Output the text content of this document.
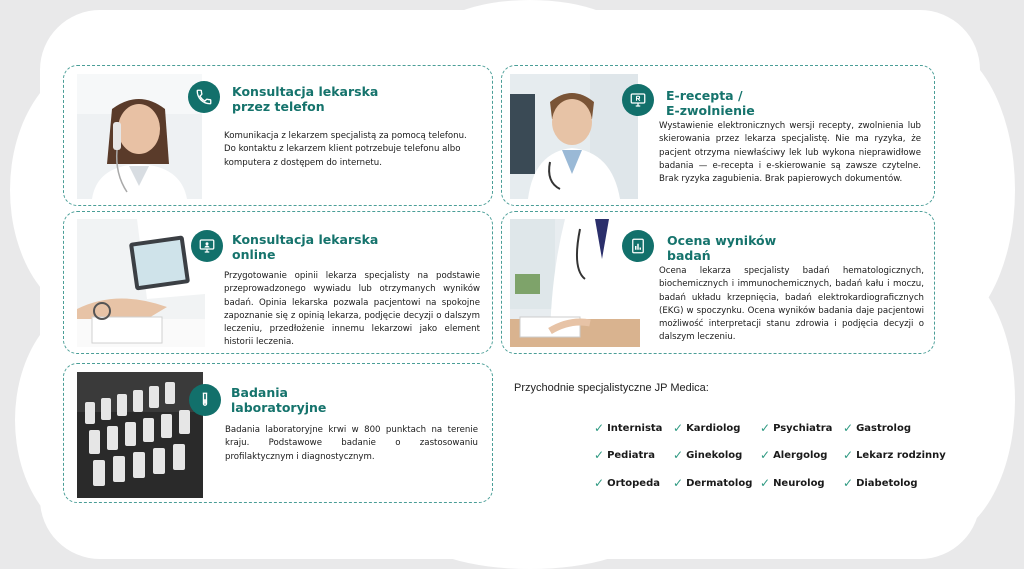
Konsultacja lekarska
przez telefon

Komunikacja z lekarzem specjalistą za pomocą telefonu. Do kontaktu z lekarzem klient potrzebuje telefonu albo komputera z dostępem do internetu.

E-recepta /
E-zwolnienie

Wystawienie elektronicznych wersji recepty, zwolnienia lub skierowania przez lekarza specjalistę. Nie ma ryzyka, że pacjent otrzyma niewłaściwy lek lub wykona nieprawidłowe badania — e-recepta i e-skierowanie są zawsze czytelne. Brak ryzyka zagubienia. Brak papierowych dokumentów.

Konsultacja lekarska
online

Przygotowanie opinii lekarza specjalisty na podstawie przeprowadzonego wywiadu lub otrzymanych wyników badań. Opinia lekarska pozwala pacjentowi na spokojne zapoznanie się z opinią lekarza, podjęcie decyzji o dalszym leczeniu, przedłożenie innemu lekarzowi jako element historii leczenia.

Ocena wyników
badań

Ocena lekarza specjalisty badań hematologicznych, biochemicznych i immunochemicznych, badań kału i moczu, badań układu krzepnięcia, badań elektrokardiograficznych (EKG) w spoczynku. Ocena wyników badania daje pacjentowi możliwość interpretacji stanu zdrowia i podjęcia decyzji o dalszym leczeniu.

Badania
laboratoryjne

Badania laboratoryjne krwi w 800 punktach na terenie kraju. Podstawowe badanie o zastosowaniu profilaktycznym i diagnostycznym.

Przychodnie specjalistyczne JP Medica:

✓ Internista ✓ Kardiolog ✓ Psychiatra ✓ Gastrolog
✓ Pediatra ✓ Ginekolog ✓ Alergolog ✓ Lekarz rodzinny
✓ Ortopeda ✓ Dermatolog ✓ Neurolog ✓ Diabetolog
